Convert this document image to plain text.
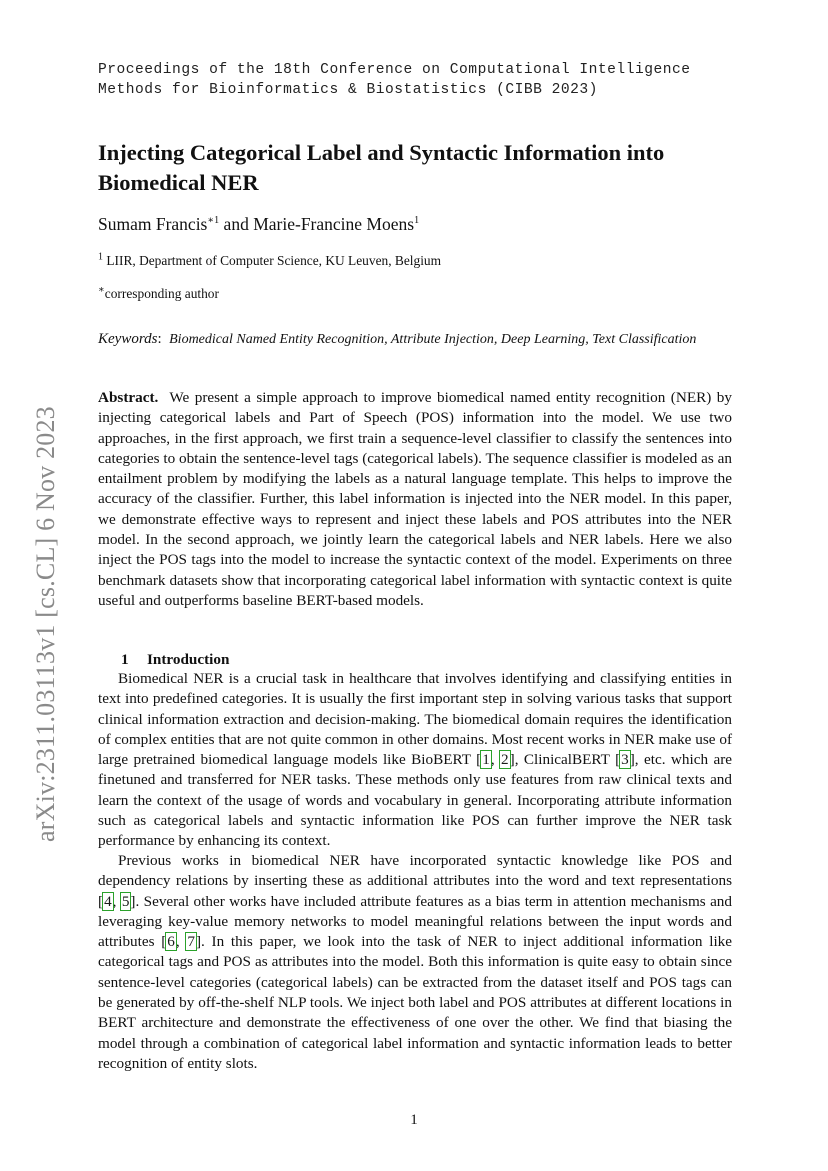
arXiv:2311.03113v1 [cs.CL] 6 Nov 2023
Proceedings of the 18th Conference on Computational Intelligence
Methods for Bioinformatics & Biostatistics (CIBB 2023)
Injecting Categorical Label and Syntactic Information into Biomedical NER
Sumam Francis$^{∗1}$ and Marie-Francine Moens$^1$
$^1$ LIIR, Department of Computer Science, KU Leuven, Belgium
∗corresponding author
Keywords: Biomedical Named Entity Recognition, Attribute Injection, Deep Learning, Text Classification
Abstract. We present a simple approach to improve biomedical named entity recognition (NER) by injecting categorical labels and Part of Speech (POS) information into the model. We use two approaches, in the first approach, we first train a sequence-level classifier to classify the sentences into categories to obtain the sentence-level tags (categorical labels). The sequence classifier is modeled as an entailment problem by modifying the labels as a natural language template. This helps to improve the accuracy of the classifier. Further, this label information is injected into the NER model. In this paper, we demonstrate effective ways to represent and inject these labels and POS attributes into the NER model. In the second approach, we jointly learn the categorical labels and NER labels. Here we also inject the POS tags into the model to increase the syntactic context of the model. Experiments on three benchmark datasets show that incorporating categorical label information with syntactic context is quite useful and outperforms baseline BERT-based models.
1 Introduction
Biomedical NER is a crucial task in healthcare that involves identifying and classifying entities in text into predefined categories. It is usually the first important step in solving various tasks that support clinical information extraction and decision-making. The biomedical domain requires the identification of complex entities that are not quite common in other domains. Most recent works in NER make use of large pretrained biomedical language models like BioBERT [1, 2], ClinicalBERT [3], etc. which are finetuned and transferred for NER tasks. These methods only use features from raw clinical texts and learn the context of the usage of words and vocabulary in general. Incorporating attribute information such as categorical labels and syntactic information like POS can further improve the NER task performance by enhancing its context.
Previous works in biomedical NER have incorporated syntactic knowledge like POS and dependency relations by inserting these as additional attributes into the word and text representations [4, 5]. Several other works have included attribute features as a bias term in attention mechanisms and leveraging key-value memory networks to model meaningful relations between the input words and attributes [6, 7]. In this paper, we look into the task of NER to inject additional information like categorical tags and POS as attributes into the model. Both this information is quite easy to obtain since sentence-level categories (categorical labels) can be extracted from the dataset itself and POS tags can be generated by off-the-shelf NLP tools. We inject both label and POS attributes at different locations in BERT architecture and demonstrate the effectiveness of one over the other. We find that biasing the model through a combination of categorical label information and syntactic information leads to better recognition of entity slots.
1
